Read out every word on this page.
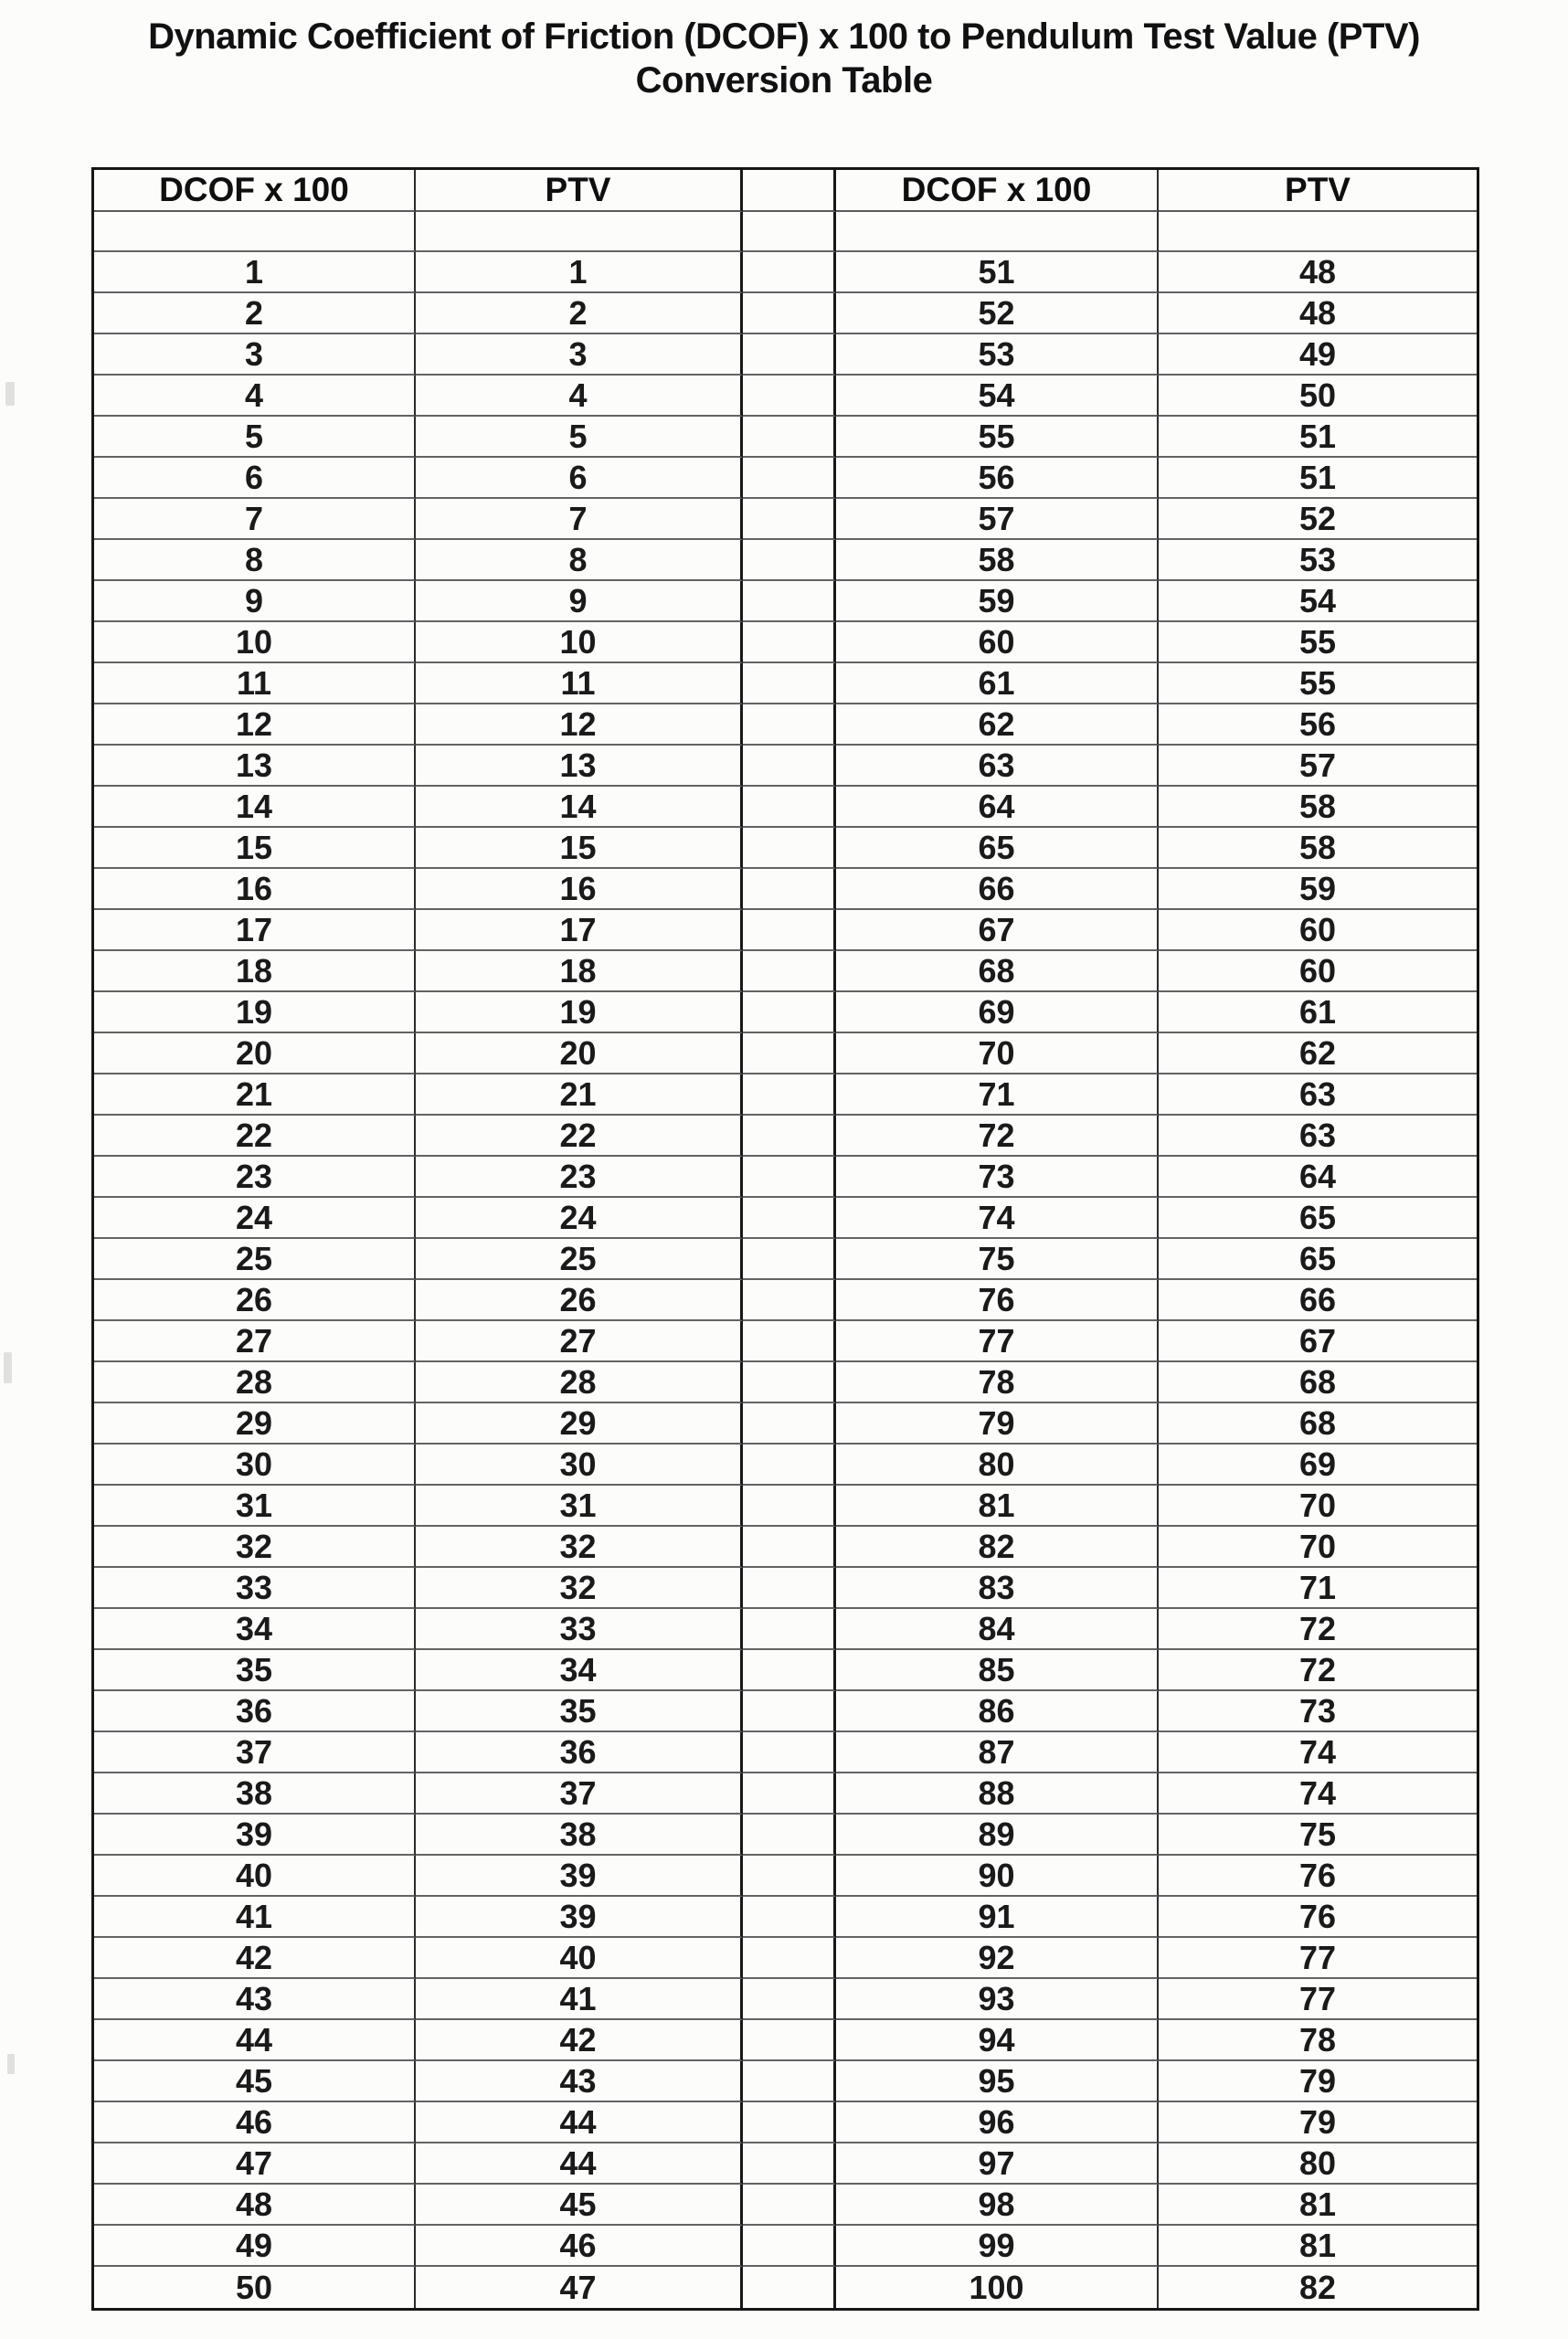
Dynamic Coefficient of Friction (DCOF) x 100 to Pendulum Test Value (PTV)
Conversion Table
DCOF x 100	PTV	DCOF x 100	PTV
1	1	51	48
2	2	52	48
3	3	53	49
4	4	54	50
5	5	55	51
6	6	56	51
7	7	57	52
8	8	58	53
9	9	59	54
10	10	60	55
11	11	61	55
12	12	62	56
13	13	63	57
14	14	64	58
15	15	65	58
16	16	66	59
17	17	67	60
18	18	68	60
19	19	69	61
20	20	70	62
21	21	71	63
22	22	72	63
23	23	73	64
24	24	74	65
25	25	75	65
26	26	76	66
27	27	77	67
28	28	78	68
29	29	79	68
30	30	80	69
31	31	81	70
32	32	82	70
33	32	83	71
34	33	84	72
35	34	85	72
36	35	86	73
37	36	87	74
38	37	88	74
39	38	89	75
40	39	90	76
41	39	91	76
42	40	92	77
43	41	93	77
44	42	94	78
45	43	95	79
46	44	96	79
47	44	97	80
48	45	98	81
49	46	99	81
50	47	100	82
